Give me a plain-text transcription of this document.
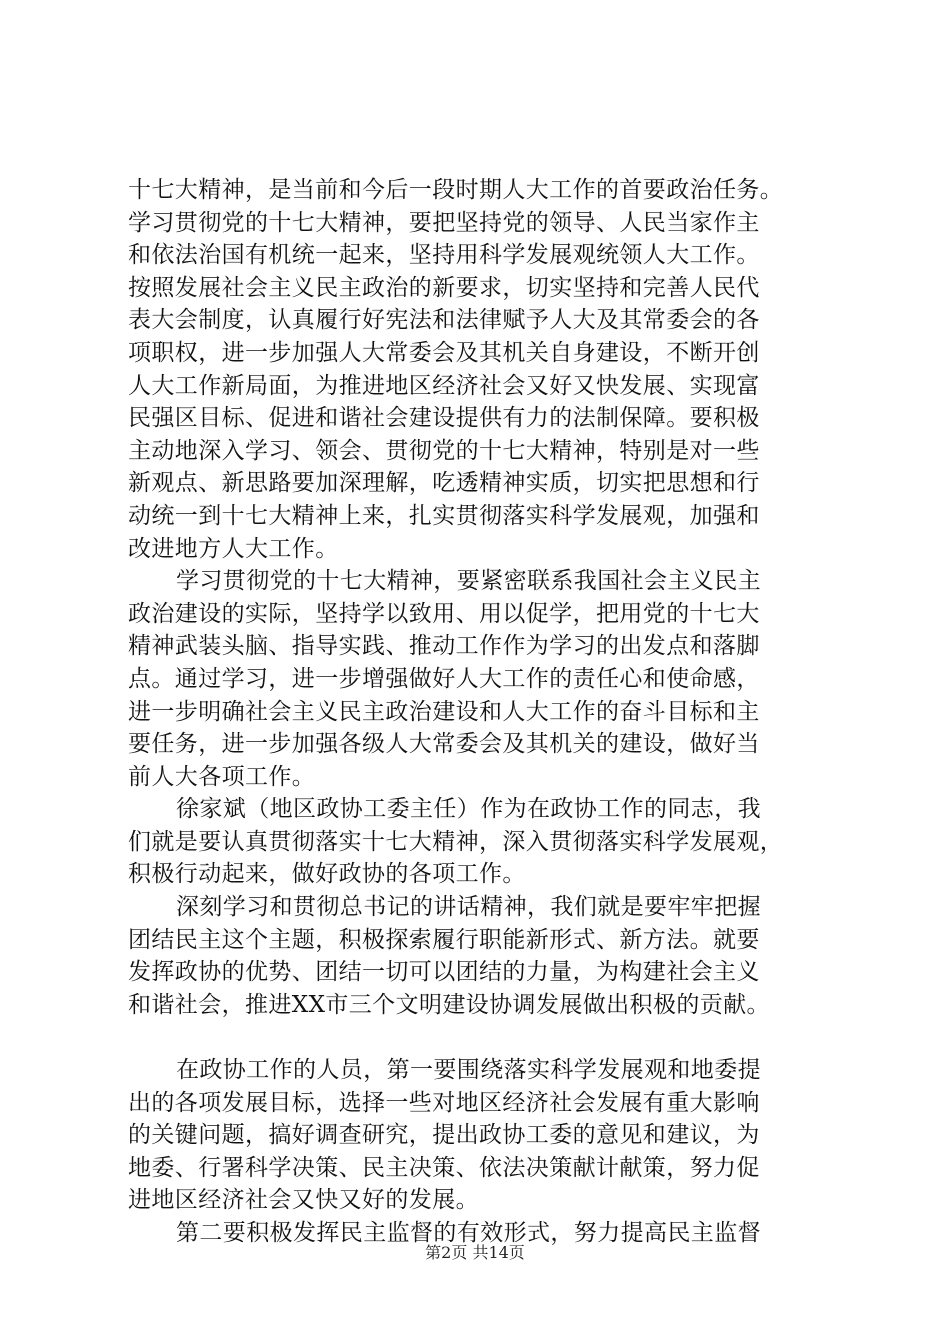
十七大精神，是当前和今后一段时期人大工作的首要政治任务。
学习贯彻党的十七大精神，要把坚持党的领导、人民当家作主
和依法治国有机统一起来，坚持用科学发展观统领人大工作。
按照发展社会主义民主政治的新要求，切实坚持和完善人民代
表大会制度，认真履行好宪法和法律赋予人大及其常委会的各
项职权，进一步加强人大常委会及其机关自身建设，不断开创
人大工作新局面，为推进地区经济社会又好又快发展、实现富
民强区目标、促进和谐社会建设提供有力的法制保障。要积极
主动地深入学习、领会、贯彻党的十七大精神，特别是对一些
新观点、新思路要加深理解，吃透精神实质，切实把思想和行
动统一到十七大精神上来，扎实贯彻落实科学发展观，加强和
改进地方人大工作。
学习贯彻党的十七大精神，要紧密联系我国社会主义民主
政治建设的实际，坚持学以致用、用以促学，把用党的十七大
精神武装头脑、指导实践、推动工作作为学习的出发点和落脚
点。通过学习，进一步增强做好人大工作的责任心和使命感，
进一步明确社会主义民主政治建设和人大工作的奋斗目标和主
要任务，进一步加强各级人大常委会及其机关的建设，做好当
前人大各项工作。
徐家斌（地区政协工委主任）作为在政协工作的同志，我
们就是要认真贯彻落实十七大精神，深入贯彻落实科学发展观，
积极行动起来，做好政协的各项工作。
深刻学习和贯彻总书记的讲话精神，我们就是要牢牢把握
团结民主这个主题，积极探索履行职能新形式、新方法。就要
发挥政协的优势、团结一切可以团结的力量，为构建社会主义
和谐社会，推进XX市三个文明建设协调发展做出积极的贡献。
在政协工作的人员，第一要围绕落实科学发展观和地委提
出的各项发展目标，选择一些对地区经济社会发展有重大影响
的关键问题，搞好调查研究，提出政协工委的意见和建议，为
地委、行署科学决策、民主决策、依法决策献计献策，努力促
进地区经济社会又快又好的发展。
第二要积极发挥民主监督的有效形式，努力提高民主监督
第2页 共14页
